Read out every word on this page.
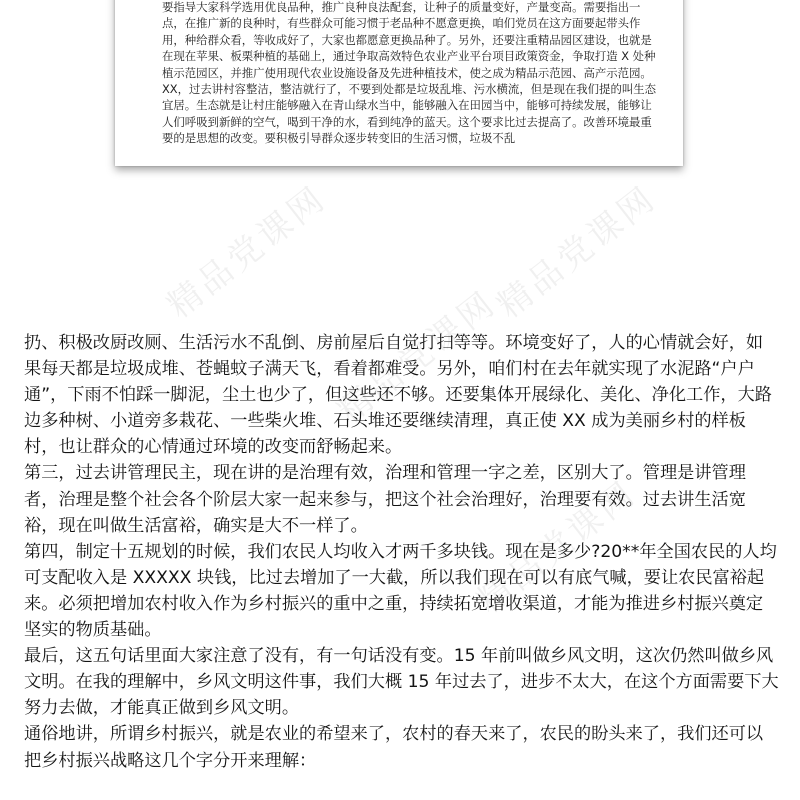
要指导大家科学选用优良品种，推广良种良法配套，让种子的质量变好，产量变高。需要指出一点，在推广新的良种时，有些群众可能习惯于老品种不愿意更换，咱们党员在这方面要起带头作用，种给群众看，等收成好了，大家也都愿意更换品种了。另外，还要注重精品园区建设，也就是在现在苹果、板栗种植的基础上，通过争取高效特色农业产业平台项目政策资金，争取打造 X 处种植示范园区，并推广使用现代农业设施设备及先进种植技术，使之成为精品示范园、高产示范园。

XX，过去讲村容整洁，整洁就行了，不要到处都是垃圾乱堆、污水横流，但是现在我们提的叫生态宜居。生态就是让村庄能够融入在青山绿水当中，能够融入在田园当中，能够可持续发展，能够让人们呼吸到新鲜的空气，喝到干净的水，看到纯净的蓝天。这个要求比过去提高了。改善环境最重要的是思想的改变。要积极引导群众逐步转变旧的生活习惯，垃圾不乱

精品党课网	精品党课网
精品党课网
精品党课网

扔、积极改厨改厕、生活污水不乱倒、房前屋后自觉打扫等等。环境变好了，人的心情就会好，如果每天都是垃圾成堆、苍蝇蚊子满天飞，看着都难受。另外，咱们村在去年就实现了水泥路“户户通”，下雨不怕踩一脚泥，尘土也少了，但这些还不够。还要集体开展绿化、美化、净化工作，大路边多种树、小道旁多栽花、一些柴火堆、石头堆还要继续清理，真正使 XX 成为美丽乡村的样板村，也让群众的心情通过环境的改变而舒畅起来。

第三，过去讲管理民主，现在讲的是治理有效，治理和管理一字之差，区别大了。管理是讲管理者，治理是整个社会各个阶层大家一起来参与，把这个社会治理好，治理要有效。过去讲生活宽裕，现在叫做生活富裕，确实是大不一样了。

第四，制定十五规划的时候，我们农民人均收入才两千多块钱。现在是多少?20**年全国农民的人均可支配收入是 XXXXX 块钱，比过去增加了一大截，所以我们现在可以有底气喊，要让农民富裕起来。必须把增加农村收入作为乡村振兴的重中之重，持续拓宽增收渠道，才能为推进乡村振兴奠定坚实的物质基础。

最后，这五句话里面大家注意了没有，有一句话没有变。15 年前叫做乡风文明，这次仍然叫做乡风文明。在我的理解中，乡风文明这件事，我们大概 15 年过去了，进步不太大，在这个方面需要下大努力去做，才能真正做到乡风文明。

通俗地讲，所谓乡村振兴，就是农业的希望来了，农村的春天来了，农民的盼头来了，我们还可以把乡村振兴战略这几个字分开来理解：
